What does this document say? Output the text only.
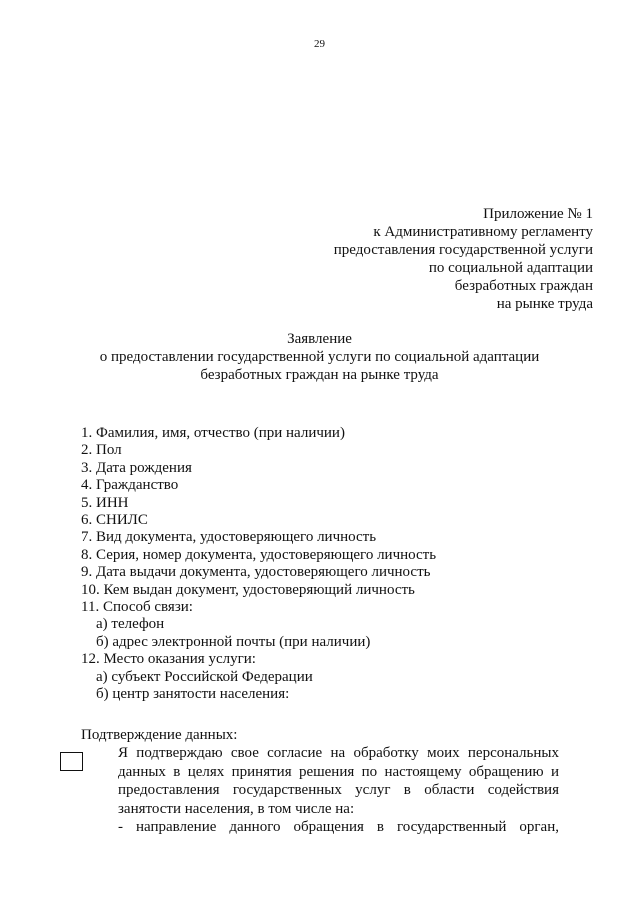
29
Приложение № 1
к Административному регламенту
предоставления государственной услуги
по социальной адаптации
безработных граждан
на рынке труда
Заявление
о предоставлении государственной услуги по социальной адаптации
безработных граждан на рынке труда
1. Фамилия, имя, отчество (при наличии)
2. Пол
3. Дата рождения
4. Гражданство
5. ИНН
6. СНИЛС
7. Вид документа, удостоверяющего личность
8. Серия, номер документа, удостоверяющего личность
9. Дата выдачи документа, удостоверяющего личность
10. Кем выдан документ, удостоверяющий личность
11. Способ связи:
а) телефон
б) адрес электронной почты (при наличии)
12. Место оказания услуги:
а) субъект Российской Федерации
б) центр занятости населения:
Подтверждение данных:
Я подтверждаю свое согласие на обработку моих персональных
данных в целях принятия решения по настоящему обращению и
предоставления государственных услуг в области содействия
занятости населения, в том числе на:
- направление данного обращения в государственный орган,
